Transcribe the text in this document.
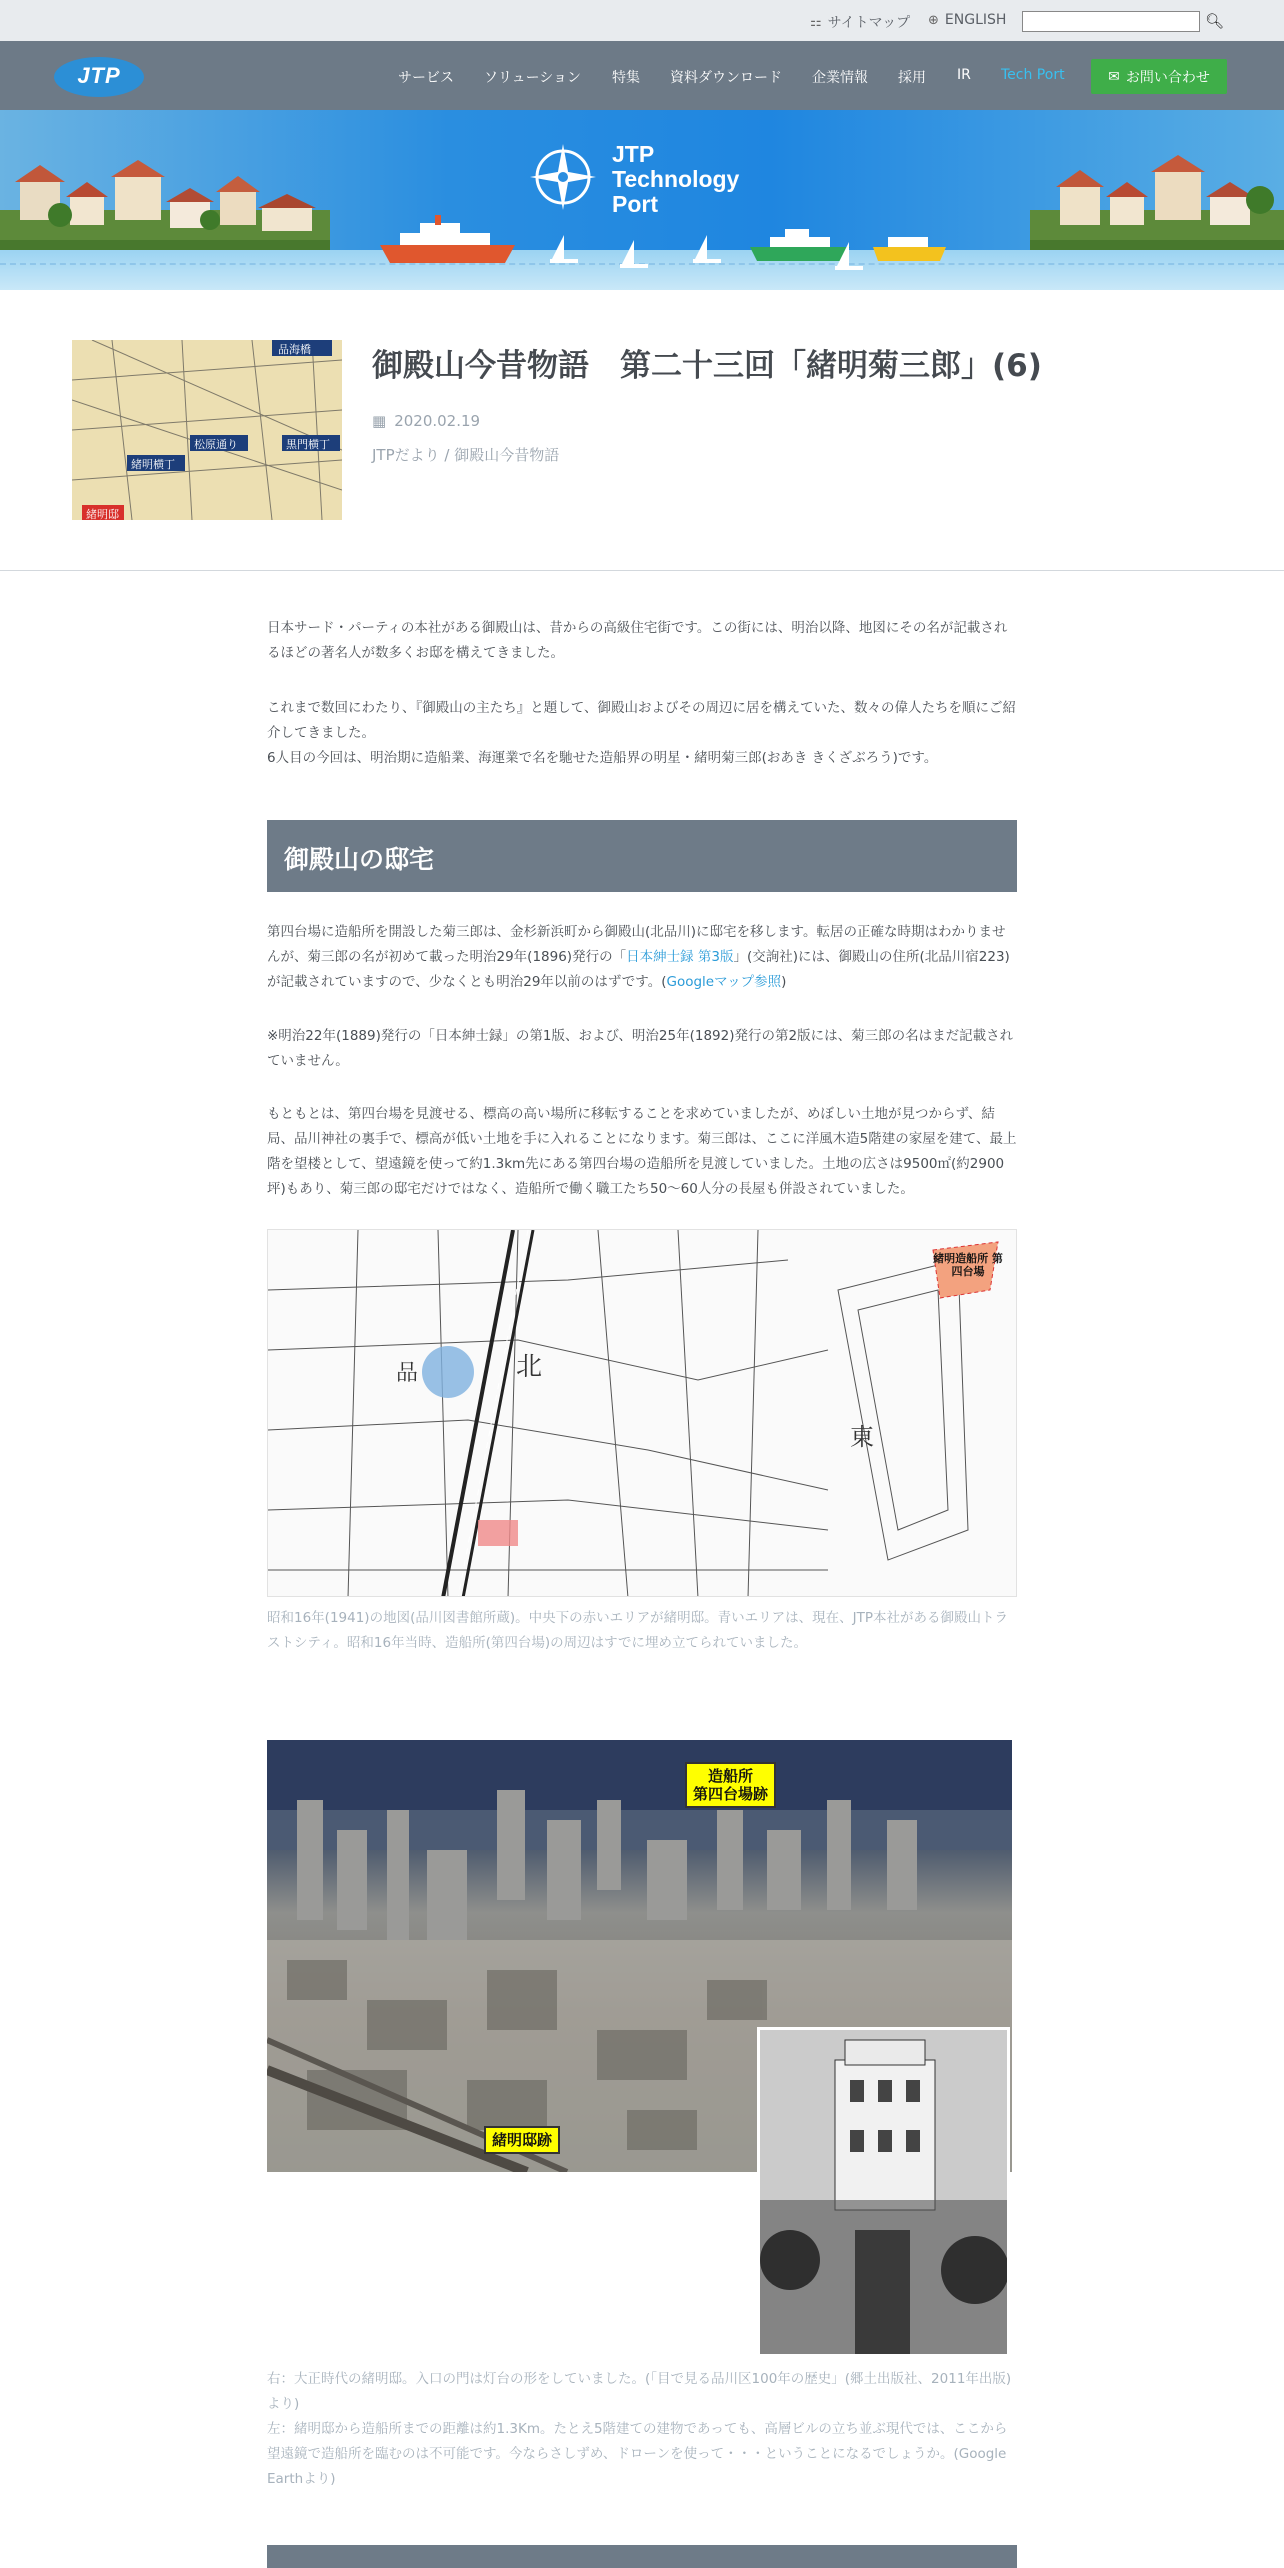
⚏ サイトマップ ⊕ ENGLISH	🔍︎
JTP	サービス ソリューション 特集 資料ダウンロード 企業情報 採用 IR Tech Port	✉ お問い合わせ
JTP
Technology
Port
品海橋
松原通り	黒門横丁
緒明横丁
緒明邸
御殿山今昔物語　第二十三回「緒明菊三郎」(6)
▦ 2020.02.19
JTPだより / 御殿山今昔物語

日本サード・パーティの本社がある御殿山は、昔からの高級住宅街です。この街には、明治以降、地図にその名が記載されるほどの著名人が数多くお邸を構えてきました。

これまで数回にわたり、『御殿山の主たち』と題して、御殿山およびその周辺に居を構えていた、数々の偉人たちを順にご紹介してきました。

6人目の今回は、明治期に造船業、海運業で名を馳せた造船界の明星・緒明菊三郎(おあき きくざぶろう)です。

御殿山の邸宅

第四台場に造船所を開設した菊三郎は、金杉新浜町から御殿山(北品川)に邸宅を移します。転居の正確な時期はわかりませんが、菊三郎の名が初めて載った明治29年(1896)発行の「日本紳士録 第3版」(交詢社)には、御殿山の住所(北品川宿223)が記載されていますので、少なくとも明治29年以前のはずです。(Googleマップ参照)

※明治22年(1889)発行の「日本紳士録」の第1版、および、明治25年(1892)発行の第2版には、菊三郎の名はまだ記載されていません。

もともとは、第四台場を見渡せる、標高の高い場所に移転することを求めていましたが、めぼしい土地が見つからず、結局、品川神社の裏手で、標高が低い土地を手に入れることになります。菊三郎は、ここに洋風木造5階建の家屋を建て、最上階を望楼として、望遠鏡を使って約1.3km先にある第四台場の造船所を見渡していました。土地の広さは9500㎡(約2900坪)もあり、菊三郎の邸宅だけではなく、造船所で働く職工たち50～60人分の長屋も併設されていました。

北
品
東
緒明造船所 第四台場

昭和16年(1941)の地図(品川図書館所蔵)。中央下の赤いエリアが緒明邸。青いエリアは、現在、JTP本社がある御殿山トラストシティ。昭和16年当時、造船所(第四台場)の周辺はすでに埋め立てられていました。

造船所
第四台場跡
緒明邸跡

右：大正時代の緒明邸。入口の門は灯台の形をしていました。(「目で見る品川区100年の歴史」(郷土出版社、2011年出版)より)

左：緒明邸から造船所までの距離は約1.3Km。たとえ5階建ての建物であっても、高層ビルの立ち並ぶ現代では、ここから望遠鏡で造船所を臨むのは不可能です。今ならさしずめ、ドローンを使って・・・ということになるでしょうか。(Google Earthより)
